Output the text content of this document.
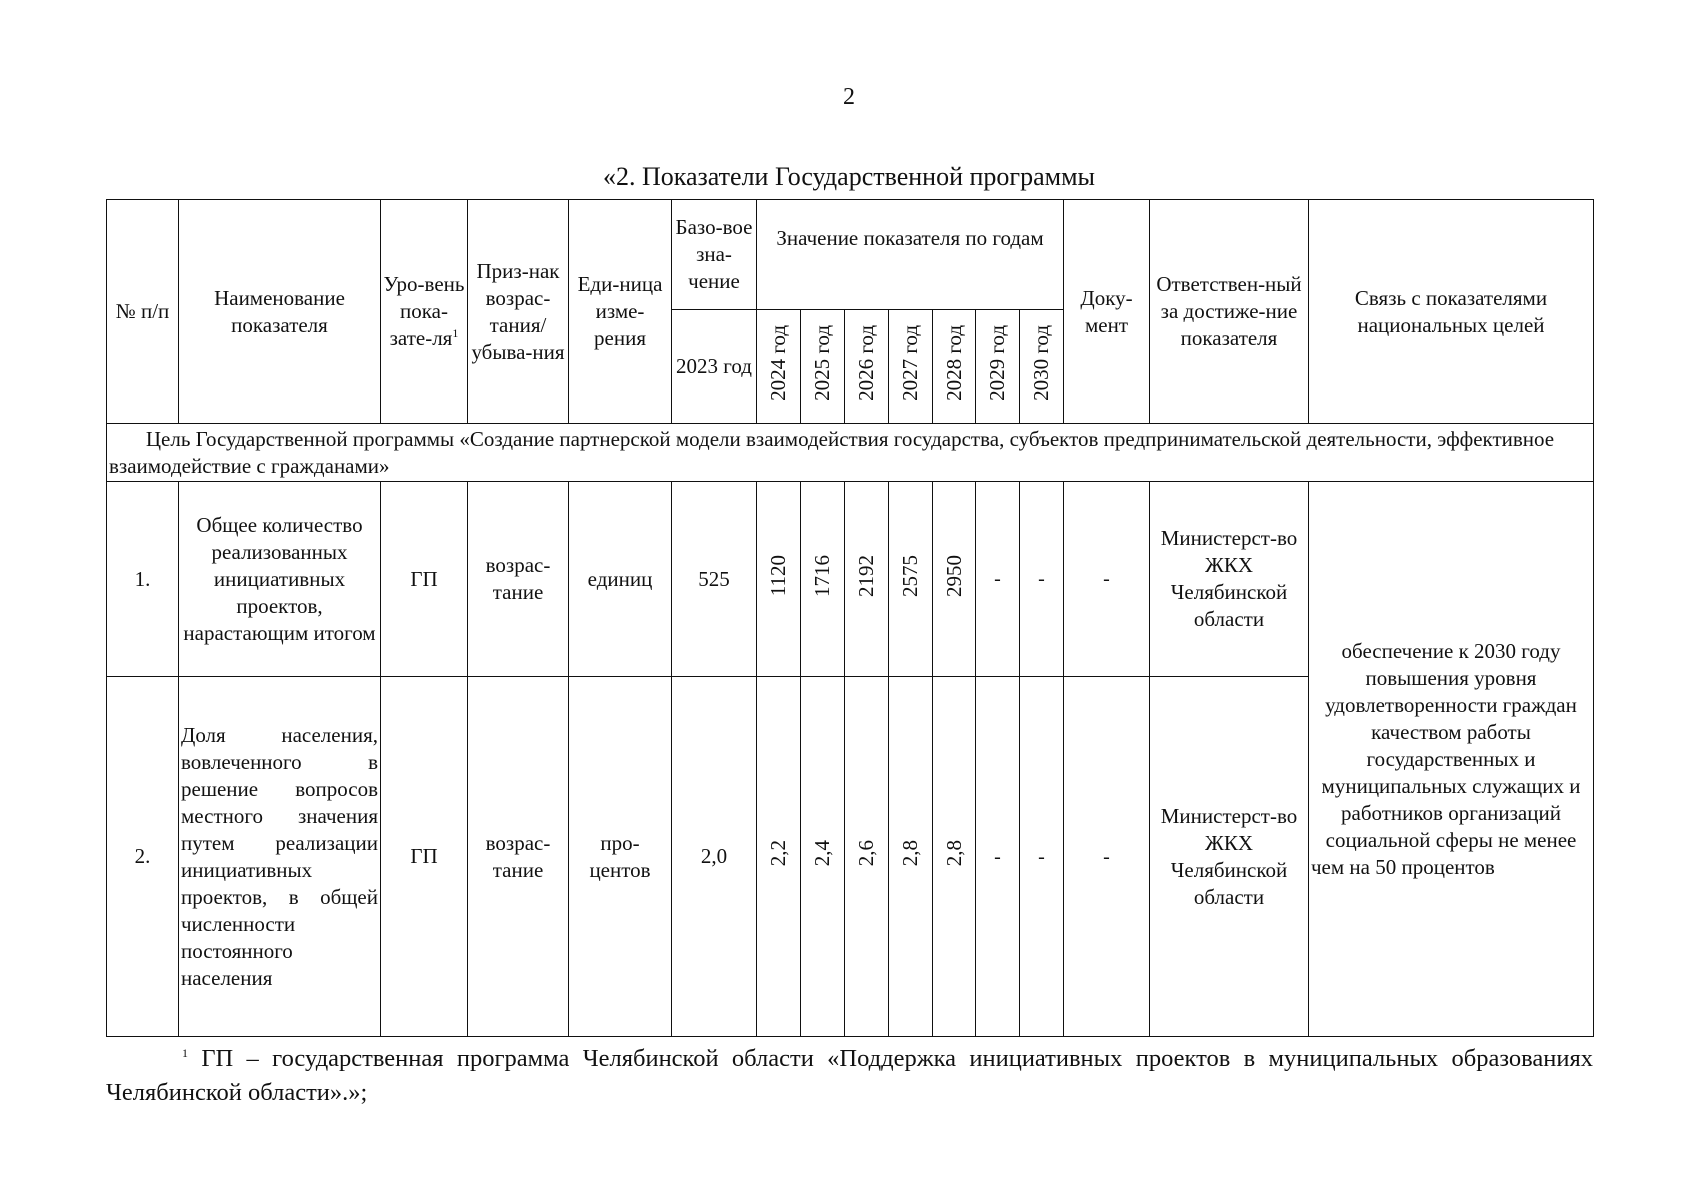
2
«2. Показатели Государственной программы
№ п/п	Наименование показателя	Уро-вень пока-$зате-ля^1$	Приз-нак возрас-тания/ убыва-ния	Еди-ница изме-рения	Базо-вое зна-чение	Значение показателя по годам							Доку-мент	Ответствен-ный за достиже-ние показателя	Связь с показателями национальных целей
					2023 год	2024 год	2025 год	2026 год	2027 год	2028 год	2029 год	2030 год			
Цель Государственной программы «Создание партнерской модели взаимодействия государства, субъектов предпринимательской деятельности, эффективное взаимодействие с гражданами»															
1.	Общее количество реализованных инициативных проектов, нарастающим итогом	ГП	возрас-тание	единиц	525	1120	1716	2192	2575	2950	-	-	-	Министерст-во ЖКХ Челябинской области	обеспечение к 2030 году повышения уровня удовлетворенности граждан качеством работы государственных и муниципальных служащих и работников организаций социальной сферы не менее чем на 50 процентов
2.	Доля населения, вовлеченного в решение вопросов местного значения путем реализации инициативных проектов, в общей численности постоянного населения	ГП	возрас-тание	про-центов	2,0	2,2	2,4	2,6	2,8	2,8	-	-	-	Министерст-во ЖКХ Челябинской области	
$^1$ ГП – государственная программа Челябинской области «Поддержка инициативных проектов в муниципальных образованиях Челябинской области».»;
